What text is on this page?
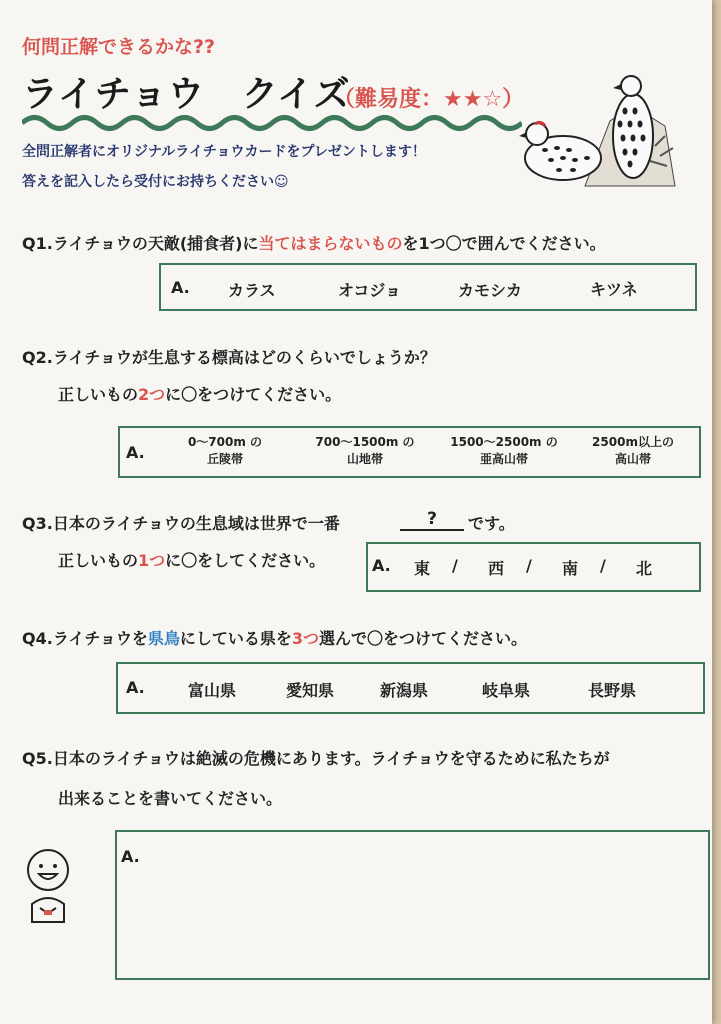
何問正解できるかな??
ライチョウ　クイズ
（難易度：★★☆）
全問正解者にオリジナルライチョウカードをプレゼントします！
答えを記入したら受付にお持ちください☺
Q1.ライチョウの天敵(捕食者)に当てはまらないものを1つ〇で囲んでください。
A. カラス	オコジョ	カモシカ	キツネ
Q2.ライチョウが生息する標高はどのくらいでしょうか？
正しいもの2つに〇をつけてください。
A.
0～700m の
丘陵帯
700～1500m の
山地帯
1500～2500m の
亜高山帯
2500m以上の
高山帯
Q3.日本のライチョウの生息域は世界で一番	?	です。
正しいもの1つに〇をしてください。	A. 東 / 西 / 南 / 北
Q4.ライチョウを県鳥にしている県を3つ選んで〇をつけてください。
A.	富山県	愛知県	新潟県	岐阜県	長野県
Q5.日本のライチョウは絶滅の危機にあります。ライチョウを守るために私たちが
出来ることを書いてください。
A.
